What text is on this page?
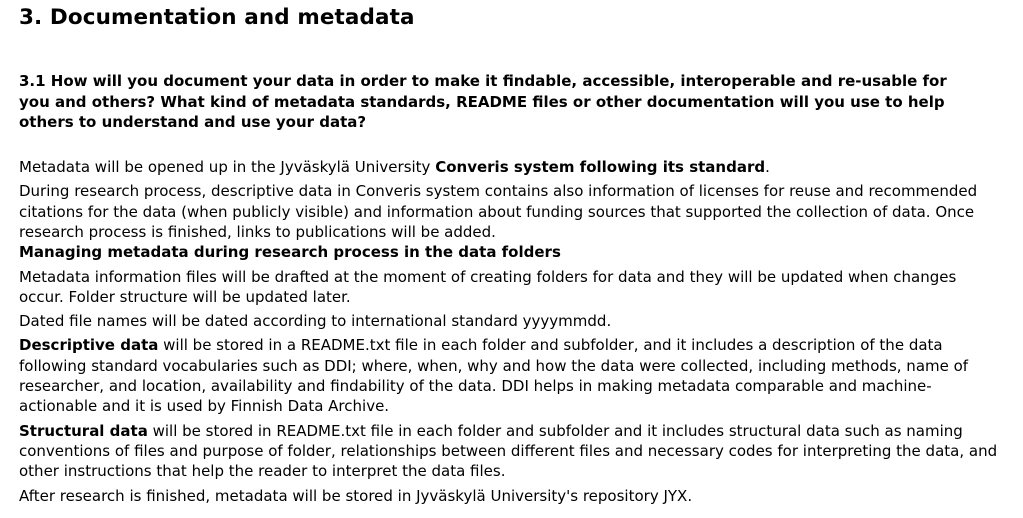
3. Documentation and metadata
3.1 How will you document your data in order to make it findable, accessible, interoperable and re-usable for you and others? What kind of metadata standards, README files or other documentation will you use to help others to understand and use your data?

Metadata will be opened up in the Jyväskylä University Converis system following its standard.

During research process, descriptive data in Converis system contains also information of licenses for reuse and recommended citations for the data (when publicly visible) and information about funding sources that supported the collection of data. Once research process is finished, links to publications will be added.

Managing metadata during research process in the data folders

Metadata information files will be drafted at the moment of creating folders for data and they will be updated when changes occur. Folder structure will be updated later.

Dated file names will be dated according to international standard yyyymmdd.

Descriptive data will be stored in a README.txt file in each folder and subfolder, and it includes a description of the data following standard vocabularies such as DDI; where, when, why and how the data were collected, including methods, name of researcher, and location, availability and findability of the data. DDI helps in making metadata comparable and machine-actionable and it is used by Finnish Data Archive.

Structural data will be stored in README.txt file in each folder and subfolder and it includes structural data such as naming conventions of files and purpose of folder, relationships between different files and necessary codes for interpreting the data, and other instructions that help the reader to interpret the data files.

After research is finished, metadata will be stored in Jyväskylä University's repository JYX.
